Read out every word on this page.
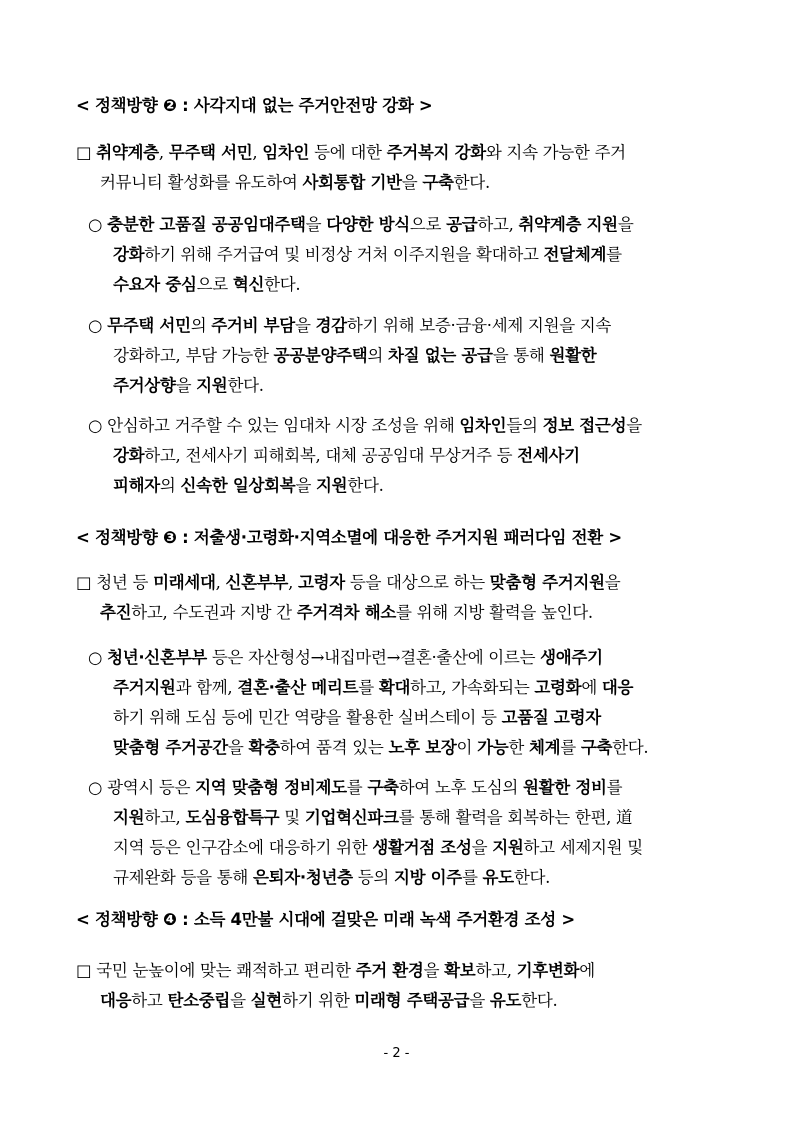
< 정책방향 ❷ : 사각지대 없는 주거안전망 강화 >
□ 취약계층, 무주택 서민, 임차인 등에 대한 주거복지 강화와 지속 가능한 주거
커뮤니티 활성화를 유도하여 사회통합 기반을 구축한다.
○ 충분한 고품질 공공임대주택을 다양한 방식으로 공급하고, 취약계층 지원을
강화하기 위해 주거급여 및 비정상 거처 이주지원을 확대하고 전달체계를
수요자 중심으로 혁신한다.
○ 무주택 서민의 주거비 부담을 경감하기 위해 보증·금융·세제 지원을 지속
강화하고, 부담 가능한 공공분양주택의 차질 없는 공급을 통해 원활한
주거상향을 지원한다.
○ 안심하고 거주할 수 있는 임대차 시장 조성을 위해 임차인들의 정보 접근성을
강화하고, 전세사기 피해회복, 대체 공공임대 무상거주 등 전세사기
피해자의 신속한 일상회복을 지원한다.
< 정책방향 ❸ : 저출생·고령화·지역소멸에 대응한 주거지원 패러다임 전환 >
□ 청년 등 미래세대, 신혼부부, 고령자 등을 대상으로 하는 맞춤형 주거지원을
추진하고, 수도권과 지방 간 주거격차 해소를 위해 지방 활력을 높인다.
○ 청년·신혼부부 등은 자산형성→내집마련→결혼·출산에 이르는 생애주기
주거지원과 함께, 결혼·출산 메리트를 확대하고, 가속화되는 고령화에 대응
하기 위해 도심 등에 민간 역량을 활용한 실버스테이 등 고품질 고령자
맞춤형 주거공간을 확충하여 품격 있는 노후 보장이 가능한 체계를 구축한다.
○ 광역시 등은 지역 맞춤형 정비제도를 구축하여 노후 도심의 원활한 정비를
지원하고, 도심융합특구 및 기업혁신파크를 통해 활력을 회복하는 한편, 道
지역 등은 인구감소에 대응하기 위한 생활거점 조성을 지원하고 세제지원 및
규제완화 등을 통해 은퇴자·청년층 등의 지방 이주를 유도한다.
< 정책방향 ❹ : 소득 4만불 시대에 걸맞은 미래 녹색 주거환경 조성 >
□ 국민 눈높이에 맞는 쾌적하고 편리한 주거 환경을 확보하고, 기후변화에
대응하고 탄소중립을 실현하기 위한 미래형 주택공급을 유도한다.
- 2 -
